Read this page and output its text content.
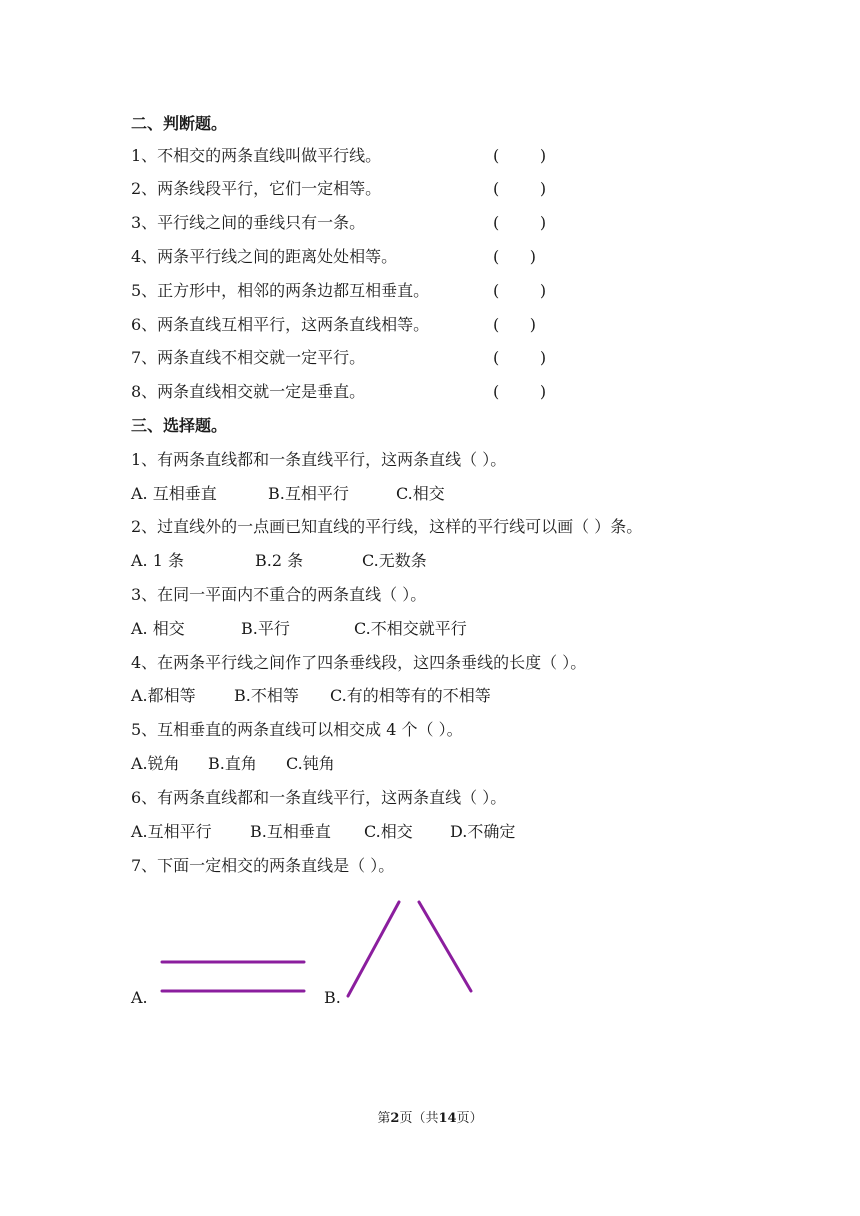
二、判断题。
1、不相交的两条直线叫做平行线。	(        )
2、两条线段平行，它们一定相等。	(        )
3、平行线之间的垂线只有一条。	(        )
4、两条平行线之间的距离处处相等。	(      )
5、正方形中，相邻的两条边都互相垂直。	(        )
6、两条直线互相平行，这两条直线相等。	(      )
7、两条直线不相交就一定平行。	(        )
8、两条直线相交就一定是垂直。	(        )
三、选择题。
1、有两条直线都和一条直线平行，这两条直线（ ）。
A. 互相垂直	B.互相平行	C.相交
2、过直线外的一点画已知直线的平行线，这样的平行线可以画（ ）条。
A. 1 条	B.2 条	C.无数条
3、在同一平面内不重合的两条直线（ ）。
A. 相交	B.平行	C.不相交就平行
4、在两条平行线之间作了四条垂线段，这四条垂线的长度（ ）。
A.都相等 B.不相等 C.有的相等有的不相等
5、互相垂直的两条直线可以相交成 4 个（ ）。
A.锐角 B.直角 C.钝角
6、有两条直线都和一条直线平行，这两条直线（ ）。
A.互相平行 B.互相垂直 C.相交 D.不确定
7、下面一定相交的两条直线是（ ）。
A.	B.
第2页（共14页）
